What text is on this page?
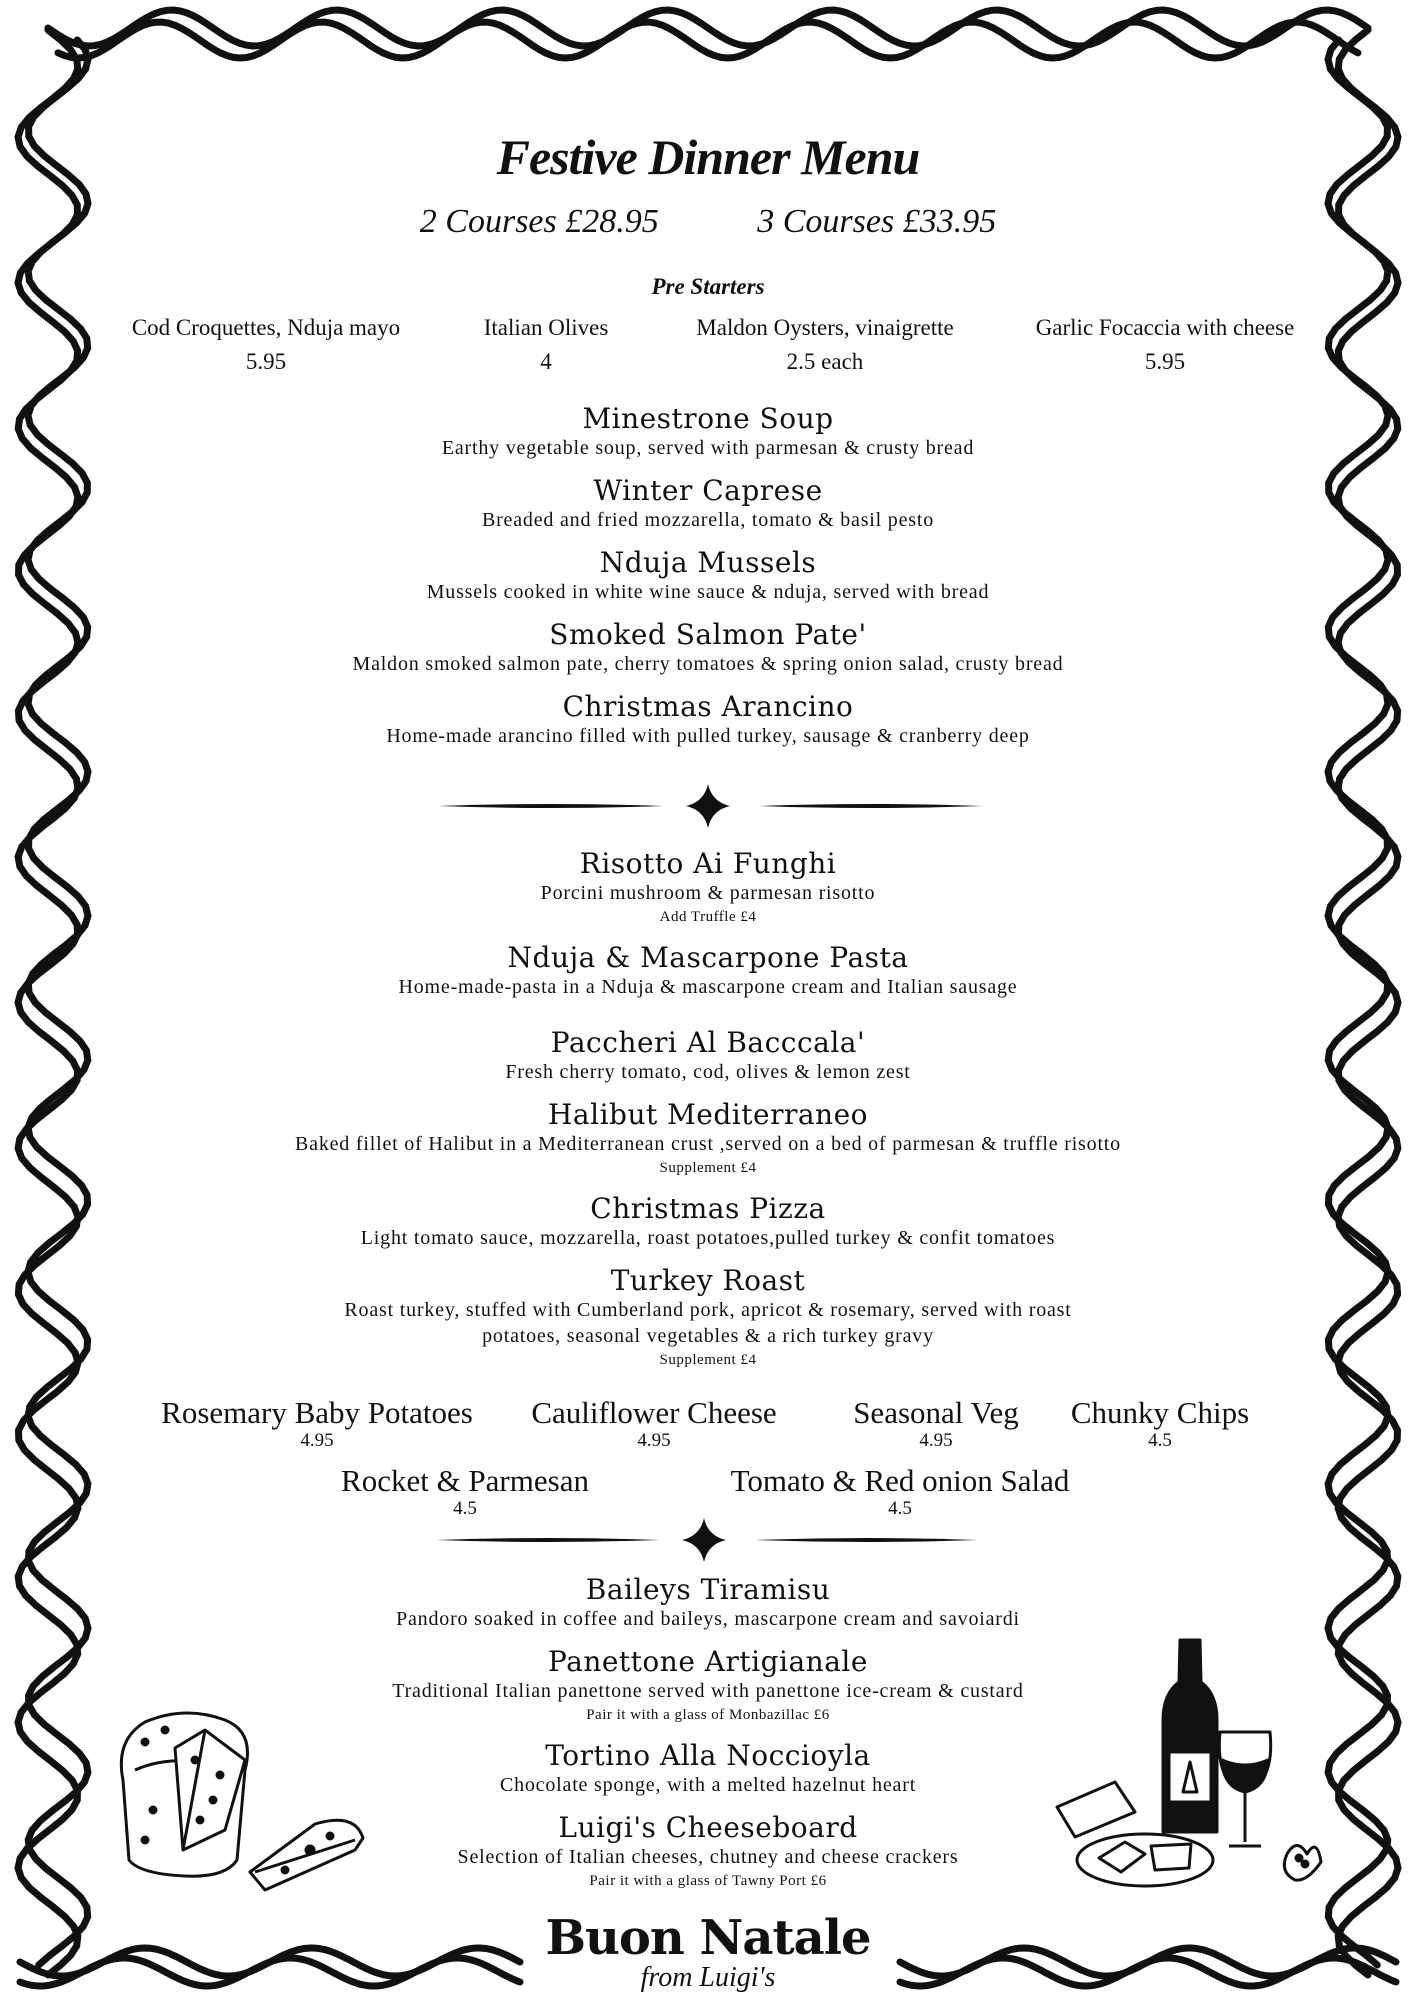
Festive Dinner Menu
2 Courses £28.95	3 Courses £33.95
Pre Starters
Cod Croquettes, Nduja mayo
5.95
Italian Olives
4
Maldon Oysters, vinaigrette
2.5 each
Garlic Focaccia with cheese
5.95
Minestrone Soup
Earthy vegetable soup, served with parmesan & crusty bread
Winter Caprese
Breaded and fried mozzarella, tomato & basil pesto
Nduja Mussels
Mussels cooked in white wine sauce & nduja, served with bread
Smoked Salmon Pate'
Maldon smoked salmon pate, cherry tomatoes & spring onion salad, crusty bread
Christmas Arancino
Home-made arancino filled with pulled turkey, sausage & cranberry deep
Risotto Ai Funghi
Porcini mushroom & parmesan risotto
Add Truffle £4
Nduja & Mascarpone Pasta
Home-made-pasta in a Nduja & mascarpone cream and Italian sausage
Paccheri Al Bacccala'
Fresh cherry tomato, cod, olives & lemon zest
Halibut Mediterraneo
Baked fillet of Halibut in a Mediterranean crust ,served on a bed of parmesan & truffle risotto
Supplement £4
Christmas Pizza
Light tomato sauce, mozzarella, roast potatoes,pulled turkey & confit tomatoes
Turkey Roast
Roast turkey, stuffed with Cumberland pork, apricot & rosemary, served with roast
potatoes, seasonal vegetables & a rich turkey gravy
Supplement £4
Rosemary Baby Potatoes
4.95
Cauliflower Cheese
4.95
Seasonal Veg
4.95
Chunky Chips
4.5
Rocket & Parmesan
4.5
Tomato & Red onion Salad
4.5
Baileys Tiramisu
Pandoro soaked in coffee and baileys, mascarpone cream and savoiardi
Panettone Artigianale
Traditional Italian panettone served with panettone ice-cream & custard
Pair it with a glass of Monbazillac £6
Tortino Alla Noccioyla
Chocolate sponge, with a melted hazelnut heart
Luigi's Cheeseboard
Selection of Italian cheeses, chutney and cheese crackers
Pair it with a glass of Tawny Port £6
Buon Natale
from Luigi's
